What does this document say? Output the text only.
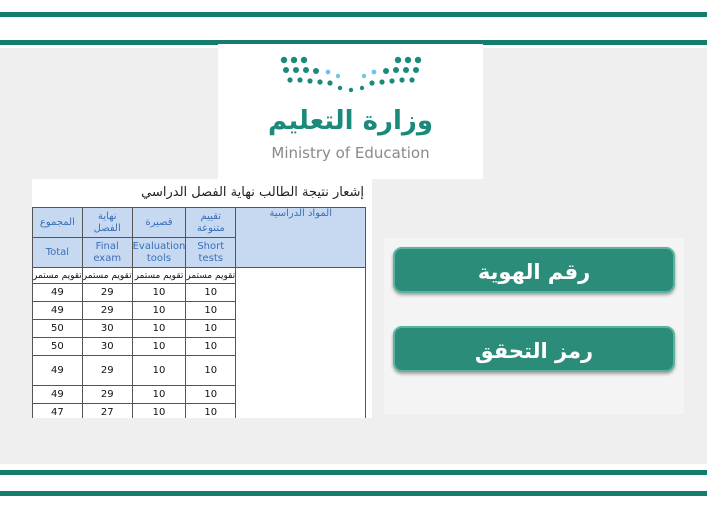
وزارة التعليم
Ministry of Education
إشعار نتيجة الطالب نهاية الفصل الدراسي
المجموع	نهاية الفصل	قصيرة	تقييم متنوعة	المواد الدراسية
Total	Final exam	Evaluation tools	Short tests	
تقويم مستمر	تقويم مستمر	تقويم مستمر	تقويم مستمر	
49	29	10	10	
49	29	10	10	
50	30	10	10	
50	30	10	10	
49	29	10	10	
49	29	10	10	
47	27	10	10	
رقم الهوية
رمز التحقق
